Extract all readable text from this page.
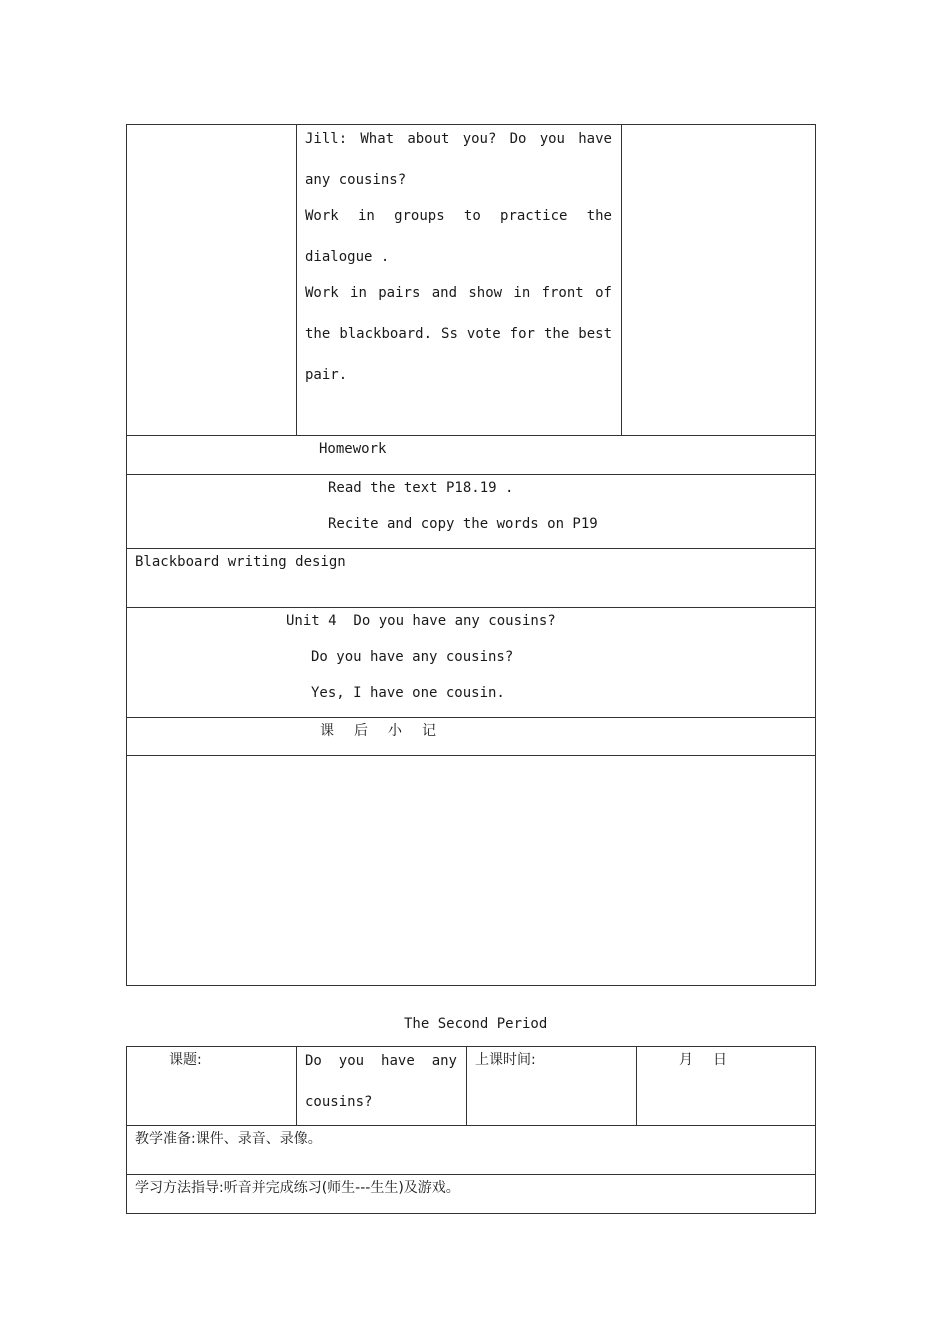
Jill: What about you? Do you have
any cousins?
Work in groups to practice the
dialogue .
Work in pairs and show in front of
the blackboard. Ss vote for the best
pair.
Homework
Read the text P18.19 .
Recite and copy the words on P19
Blackboard writing design
Unit 4  Do you have any cousins?
Do you have any cousins?
Yes, I have one cousin.
课后小记
The Second Period
课题:	Do you have any
cousins?
上课时间:	月 日
教学准备:课件、录音、录像。
学习方法指导:听音并完成练习(师生---生生)及游戏。
